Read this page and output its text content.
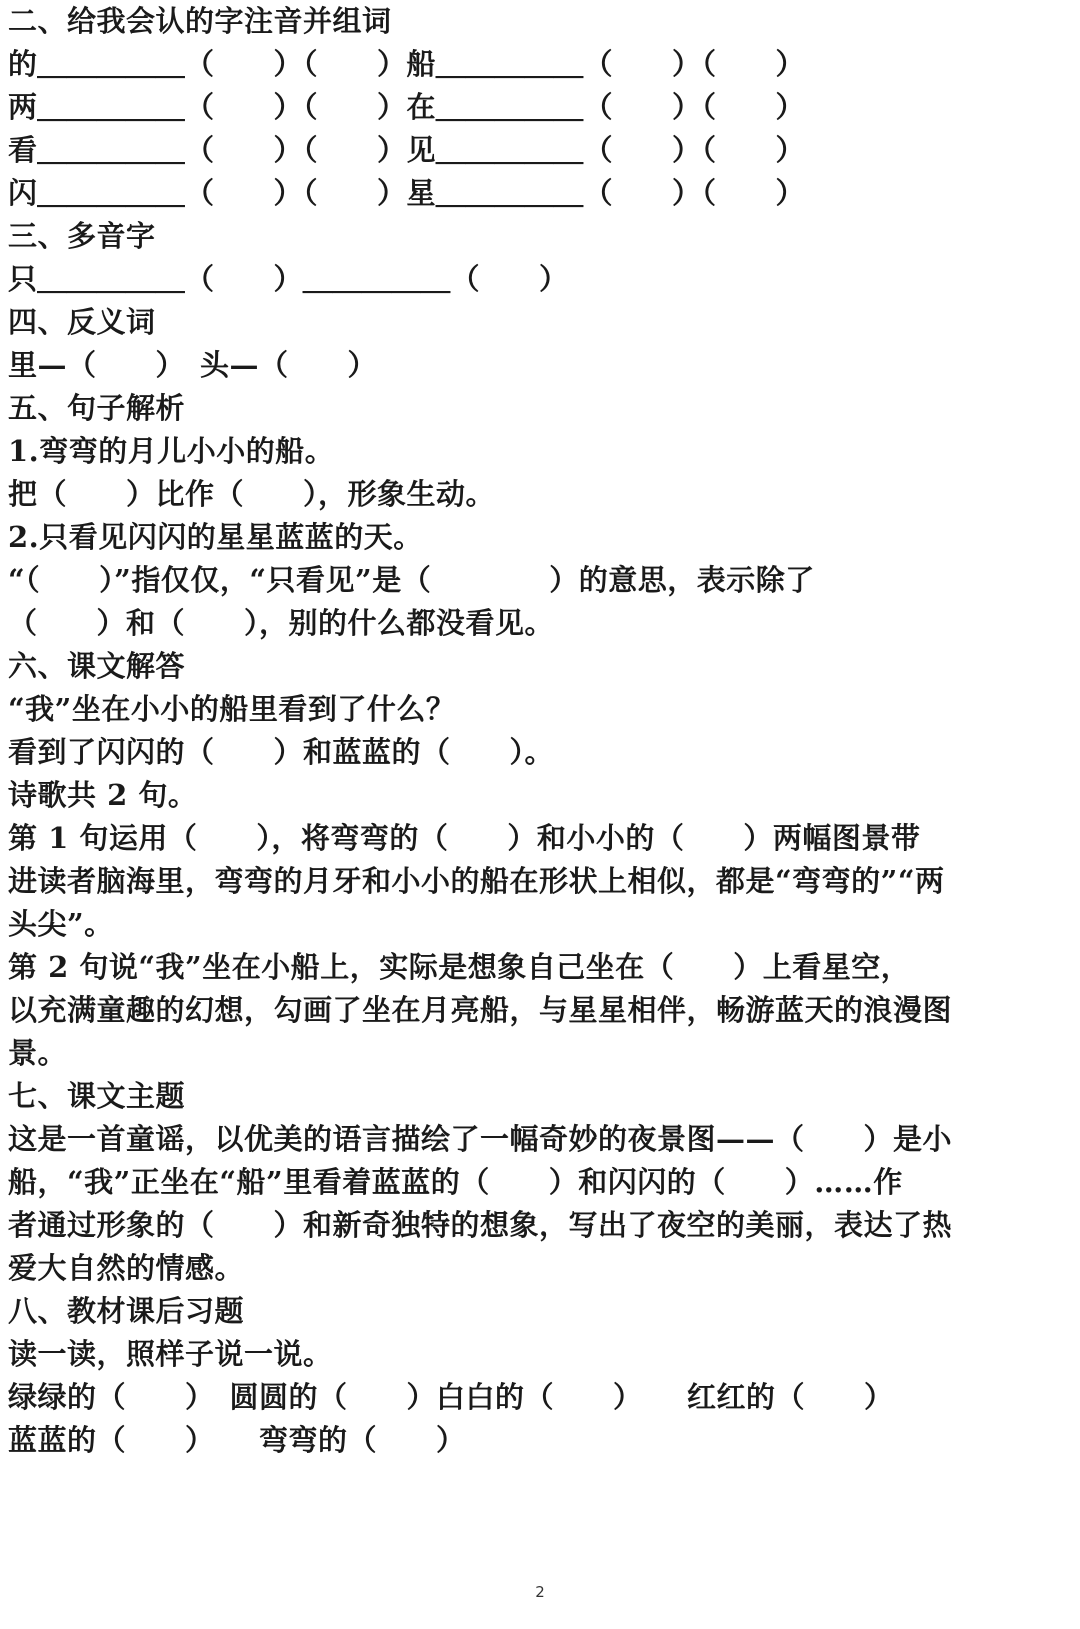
二、给我会认的字注音并组词
的＿＿＿＿＿（　　）（　　）船＿＿＿＿＿（　　）（　　）
两＿＿＿＿＿（　　）（　　）在＿＿＿＿＿（　　）（　　）
看＿＿＿＿＿（　　）（　　）见＿＿＿＿＿（　　）（　　）
闪＿＿＿＿＿（　　）（　　）星＿＿＿＿＿（　　）（　　）
三、多音字
只＿＿＿＿＿（　　）＿＿＿＿＿（　　）
四、反义词
里—（　　）　头—（　　）
五、句子解析
1.弯弯的月儿小小的船。
把（　　）比作（　　），形象生动。
2.只看见闪闪的星星蓝蓝的天。
“（　　）”指仅仅，“只看见”是（　　　　）的意思，表示除了
（　　）和（　　），别的什么都没看见。
六、课文解答
“我”坐在小小的船里看到了什么？
看到了闪闪的（　　）和蓝蓝的（　　）。
诗歌共 2 句。
第 1 句运用（　　），将弯弯的（　　）和小小的（　　）两幅图景带
进读者脑海里，弯弯的月牙和小小的船在形状上相似，都是“弯弯的”“两
头尖”。
第 2 句说“我”坐在小船上，实际是想象自己坐在（　　）上看星空，
以充满童趣的幻想，勾画了坐在月亮船，与星星相伴，畅游蓝天的浪漫图
景。
七、课文主题
这是一首童谣，以优美的语言描绘了一幅奇妙的夜景图——（　　）是小
船，“我”正坐在“船”里看着蓝蓝的（　　）和闪闪的（　　）……作
者通过形象的（　　）和新奇独特的想象，写出了夜空的美丽，表达了热
爱大自然的情感。
八、教材课后习题
读一读，照样子说一说。
绿绿的（　　）　圆圆的（　　）白白的（　　）　　红红的（　　）
蓝蓝的（　　）　　弯弯的（　　）
2
